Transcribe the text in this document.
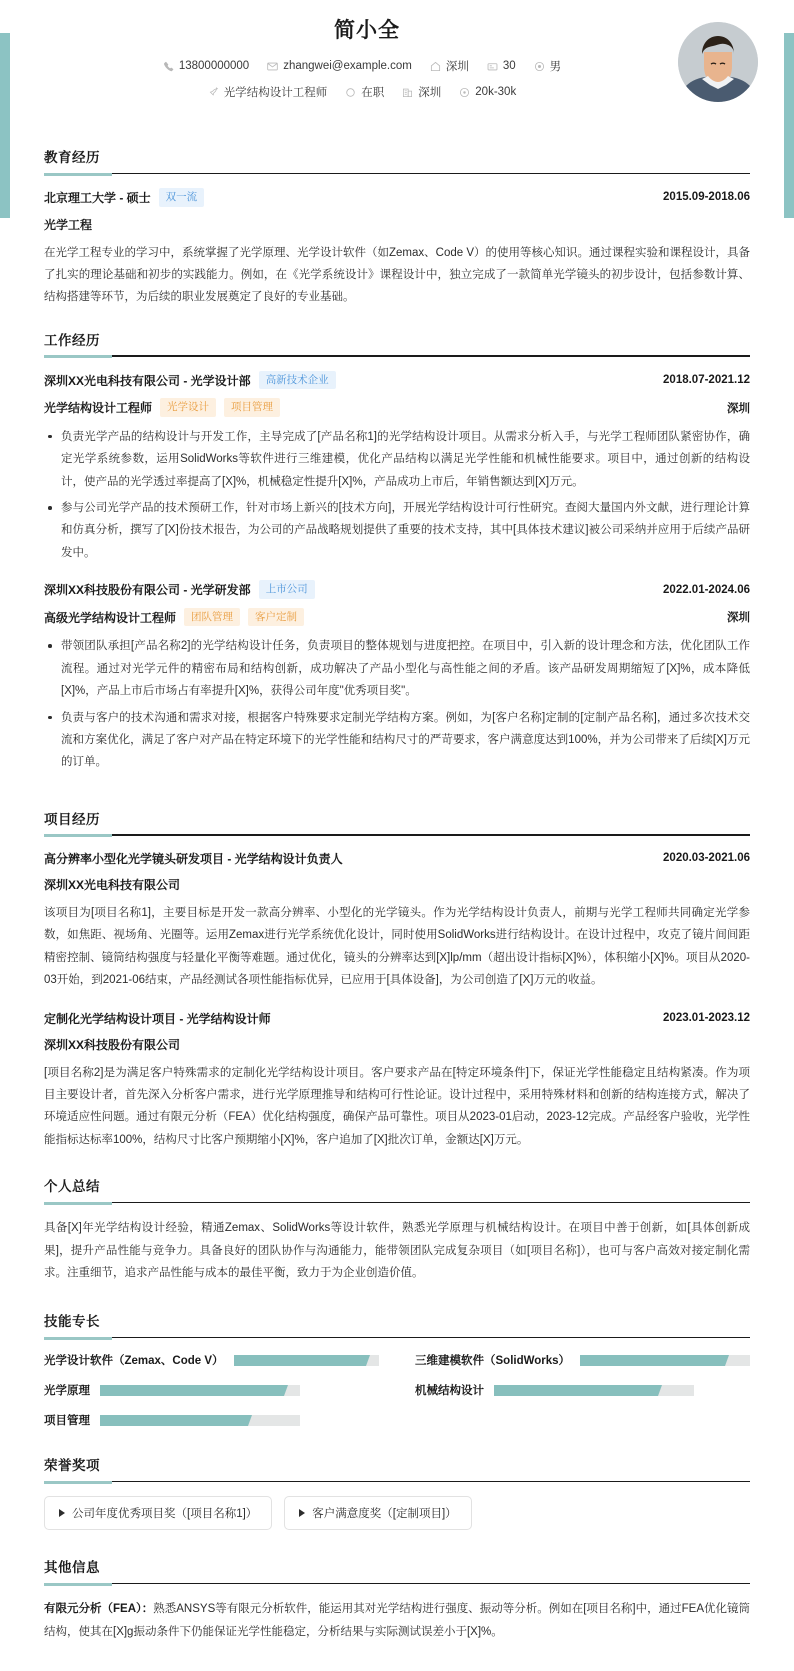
简小全
13800000000	zhangwei@example.com	深圳	30	男
光学结构设计工程师	在职	深圳	20k-30k
教育经历
北京理工大学 - 硕士	双一流	2015.09-2018.06
光学工程
在光学工程专业的学习中，系统掌握了光学原理、光学设计软件（如Zemax、Code V）的使用等核心知识。通过课程实验和课程设计，具备了扎实的理论基础和初步的实践能力。例如，在《光学系统设计》课程设计中，独立完成了一款简单光学镜头的初步设计，包括参数计算、结构搭建等环节，为后续的职业发展奠定了良好的专业基础。
工作经历
深圳XX光电科技有限公司 - 光学设计部	高新技术企业	2018.07-2021.12
光学结构设计工程师	光学设计	项目管理	深圳
负责光学产品的结构设计与开发工作，主导完成了[产品名称1]的光学结构设计项目。从需求分析入手，与光学工程师团队紧密协作，确定光学系统参数，运用SolidWorks等软件进行三维建模，优化产品结构以满足光学性能和机械性能要求。项目中，通过创新的结构设计，使产品的光学透过率提高了[X]%，机械稳定性提升[X]%，产品成功上市后，年销售额达到[X]万元。
参与公司光学产品的技术预研工作，针对市场上新兴的[技术方向]，开展光学结构设计可行性研究。查阅大量国内外文献，进行理论计算和仿真分析，撰写了[X]份技术报告，为公司的产品战略规划提供了重要的技术支持，其中[具体技术建议]被公司采纳并应用于后续产品研发中。
深圳XX科技股份有限公司 - 光学研发部	上市公司	2022.01-2024.06
高级光学结构设计工程师	团队管理	客户定制	深圳
带领团队承担[产品名称2]的光学结构设计任务，负责项目的整体规划与进度把控。在项目中，引入新的设计理念和方法，优化团队工作流程。通过对光学元件的精密布局和结构创新，成功解决了产品小型化与高性能之间的矛盾。该产品研发周期缩短了[X]%，成本降低[X]%，产品上市后市场占有率提升[X]%，获得公司年度"优秀项目奖"。
负责与客户的技术沟通和需求对接，根据客户特殊要求定制光学结构方案。例如，为[客户名称]定制的[定制产品名称]，通过多次技术交流和方案优化，满足了客户对产品在特定环境下的光学性能和结构尺寸的严苛要求，客户满意度达到100%，并为公司带来了后续[X]万元的订单。
项目经历
高分辨率小型化光学镜头研发项目 - 光学结构设计负责人	2020.03-2021.06
深圳XX光电科技有限公司
该项目为[项目名称1]，主要目标是开发一款高分辨率、小型化的光学镜头。作为光学结构设计负责人，前期与光学工程师共同确定光学参数，如焦距、视场角、光圈等。运用Zemax进行光学系统优化设计，同时使用SolidWorks进行结构设计。在设计过程中，攻克了镜片间间距精密控制、镜筒结构强度与轻量化平衡等难题。通过优化，镜头的分辨率达到[X]lp/mm（超出设计指标[X]%），体积缩小[X]%。项目从2020-03开始，到2021-06结束，产品经测试各项性能指标优异，已应用于[具体设备]，为公司创造了[X]万元的收益。
定制化光学结构设计项目 - 光学结构设计师	2023.01-2023.12
深圳XX科技股份有限公司
[项目名称2]是为满足客户特殊需求的定制化光学结构设计项目。客户要求产品在[特定环境条件]下，保证光学性能稳定且结构紧凑。作为项目主要设计者，首先深入分析客户需求，进行光学原理推导和结构可行性论证。设计过程中，采用特殊材料和创新的结构连接方式，解决了环境适应性问题。通过有限元分析（FEA）优化结构强度，确保产品可靠性。项目从2023-01启动，2023-12完成。产品经客户验收，光学性能指标达标率100%，结构尺寸比客户预期缩小[X]%，客户追加了[X]批次订单，金额达[X]万元。
个人总结
具备[X]年光学结构设计经验，精通Zemax、SolidWorks等设计软件，熟悉光学原理与机械结构设计。在项目中善于创新，如[具体创新成果]，提升产品性能与竞争力。具备良好的团队协作与沟通能力，能带领团队完成复杂项目（如[项目名称]），也可与客户高效对接定制化需求。注重细节，追求产品性能与成本的最佳平衡，致力于为企业创造价值。
技能专长
光学设计软件（Zemax、Code V）	三维建模软件（SolidWorks）
光学原理	机械结构设计
项目管理
荣誉奖项
公司年度优秀项目奖（[项目名称1]）	客户满意度奖（[定制项目]）
其他信息
有限元分析（FEA）：熟悉ANSYS等有限元分析软件，能运用其对光学结构进行强度、振动等分析。例如在[项目名称]中，通过FEA优化镜筒结构，使其在[X]g振动条件下仍能保证光学性能稳定，分析结果与实际测试误差小于[X]%。
